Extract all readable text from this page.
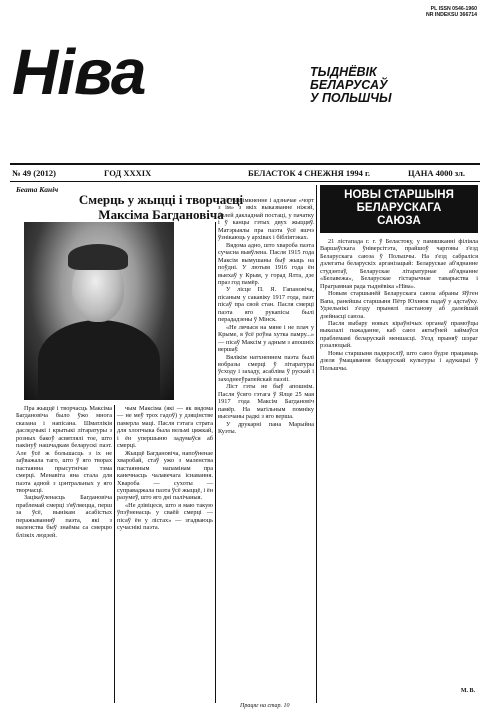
PL ISSN 0546-1960
NR INDEKSU 366714
Ніва	ТЫДНЁВІК
БЕЛАРУСАЎ
У ПОЛЬШЧЫ
№ 49 (2012)	ГОД XXXIX	БЕЛАСТОК 4 СНЕЖНЯ 1994 г.	ЦАНА 4000 зл.
Беата Каніч
Смерць у жыцці і творчасці
Максіма Багдановіча

Пра жыццё і творчасць Максіма Багдановіча было ўжо многа сказана і напісана. Шматлікія даследчыкі і крытыкі літаратуры з розных бакоў асвятлялі тое, што пакінуў нашчадкам беларускі паэт. Але ўсё ж большасць з іх не заўважала таго, што ў яго творах пастаянна прысутнічае тэма смерці. Менавіта яна стала для паэта адной з цэнтральных у яго творчасці.

Зацікаўленасць Багдановіча праблемай смерці з'яўляецца, перш за ўсё, вынікам асабістых перажыванняў паэта, які з маленства быў знаёмы са смерцю блізкіх людзей.

чым Максіма (які — як вядома — не меў трох гадоў) у дзяцінстве памерла маці. Пасля гэтага страта для хлопчыка была вельмі цяжкай, і ён упершыню задумаўся аб смерці.

Жыццё Багдановіча, напоўненае хваробай, стаў ужо з маленства пастаянным напамінам пра канечнасць чалавечага існавання. Хвароба — сухоты — суправаджала паэта ўсё жыццё, і ён разумеў, што яго дні палічаныя.

«Не дзівіцеся, што я маю такую ўпэўненасць у сваёй смерці — пісаў ён у лістах» — згадваюць сучаснікі паэта.

Гэтае імкненне і адзначае «чорт з ім» з якіх выказванне ніжэй, болей дакладнай постаці, у пачатку і ў канцы гэтых двух жыццяў. Матэрыялы пра паэта ўсё яшчэ ўзнікаюць у архівах і бібліятэках.

Вядома адно, што хвароба паэта сучасна выяўлена. Пасля 1915 года Максім вымушаны быў жыць на поўдні. У лютым 1916 года ён выехаў у Крым, у горад Ялта, дзе праз год памёр.

У лісце П. Я. Гапановіча, пісаным у сакавіку 1917 года, паэт пісаў пра свой стан. Пасля смерці паэта яго рукапісы былі перададзены ў Мінск.

«Не лячыся на мяне і не плач у Крыме, я ўсё роўна хутка памру...» — пісаў Максім у адным з апошніх вершаў.

Вялікім натхненнем паэта былі вобразы смерці ў літаратуры ўсходу і захаду, асабліва ў рускай і заходнееўрапейскай паэзіі.

Ліст гэты не быў апошнім. Пасля ўсяго гэтага ў Ялце 25 мая 1917 года Максім Багдановіч памёр. На магільным помніку высечаны радкі з яго верша.

У друкарні пана Марыйна Куэты.

Працяг на стар. 10
НОВЫ СТАРШЫНЯ
БЕЛАРУСКАГА
САЮЗА

21 лістапада г. г. ў Беластоку, у памяшканні філіяла Варшаўскага ўніверсітэта, прайшоў чарговы з'езд Беларускага саюза ў Польшчы. На з'езд сабраліся дэлегаты беларускіх арганізацый: Беларускае аб'яднанне студэнтаў, Беларускае літаратурнае аб'яднанне «Белавежа», Беларускае гістарычнае таварыства і Праграмная рада тыднёвіка «Ніва».

Новым старшынёй Беларускага саюза абраны Яўген Вапа, ранейшы старшыня Пётр Юхнюк падаў у адстаўку. Удзельнікі з'езду прынялі пастанову аб далейшай дзейнасці саюза.

Пасля выбару новых кіраўнічых органаў прамоўцы выказалі пажаданне, каб саюз актыўней займаўся праблемамі беларускай меншасці. З'езд прыняў шэраг рэзалюцый.

Новы старшыня падкрэсліў, што саюз будзе працаваць дзеля ўмацавання беларускай культуры і адукацыі ў Польшчы.

М. В.
